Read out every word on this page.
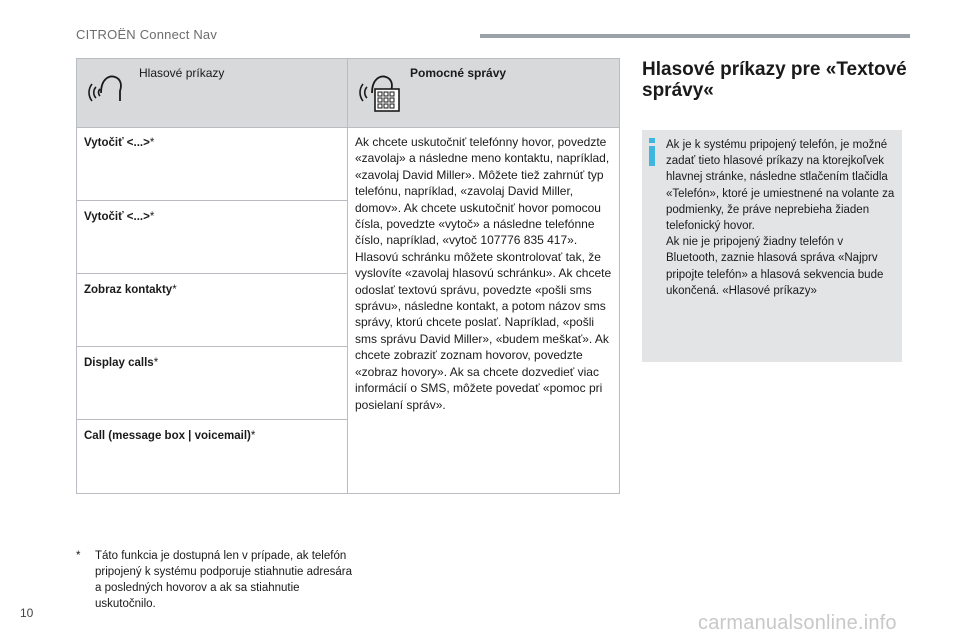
CITROËN Connect Nav
Hlasové príkazy	Pomocné správy
Vytočiť <...>*
Vytočiť <...>*
Zobraz kontakty*
Display calls*
Call (message box | voicemail)*
Ak chcete uskutočniť telefónny hovor, povedzte «zavolaj» a následne meno kontaktu, napríklad, «zavolaj David Miller». Môžete tiež zahrnúť typ telefónu, napríklad, «zavolaj David Miller, domov». Ak chcete uskutočniť hovor pomocou čísla, povedzte «vytoč» a následne telefónne číslo, napríklad, «vytoč 107776 835 417». Hlasovú schránku môžete skontrolovať tak, že vyslovíte «zavolaj hlasovú schránku». Ak chcete odoslať textovú správu, povedzte «pošli sms správu», následne kontakt, a potom názov sms správy, ktorú chcete poslať. Napríklad, «pošli sms správu David Miller», «budem meškať». Ak chcete zobraziť zoznam hovorov, povedzte «zobraz hovory». Ak sa chcete dozvedieť viac informácií o SMS, môžete povedať «pomoc pri posielaní správ».
* Táto funkcia je dostupná len v prípade, ak telefón pripojený k systému podporuje stiahnutie adresára a posledných hovorov a ak sa stiahnutie uskutočnilo.
Hlasové príkazy pre «Textové správy«
Ak je k systému pripojený telefón, je možné zadať tieto hlasové príkazy na ktorejkoľvek hlavnej stránke, následne stlačením tlačidla «Telefón», ktoré je umiestnené na volante za podmienky, že práve neprebieha žiaden telefonický hovor.
Ak nie je pripojený žiadny telefón v Bluetooth, zaznie hlasová správa «Najprv pripojte telefón» a hlasová sekvencia bude ukončená. «Hlasové príkazy»
10	carmanualsonline.info
